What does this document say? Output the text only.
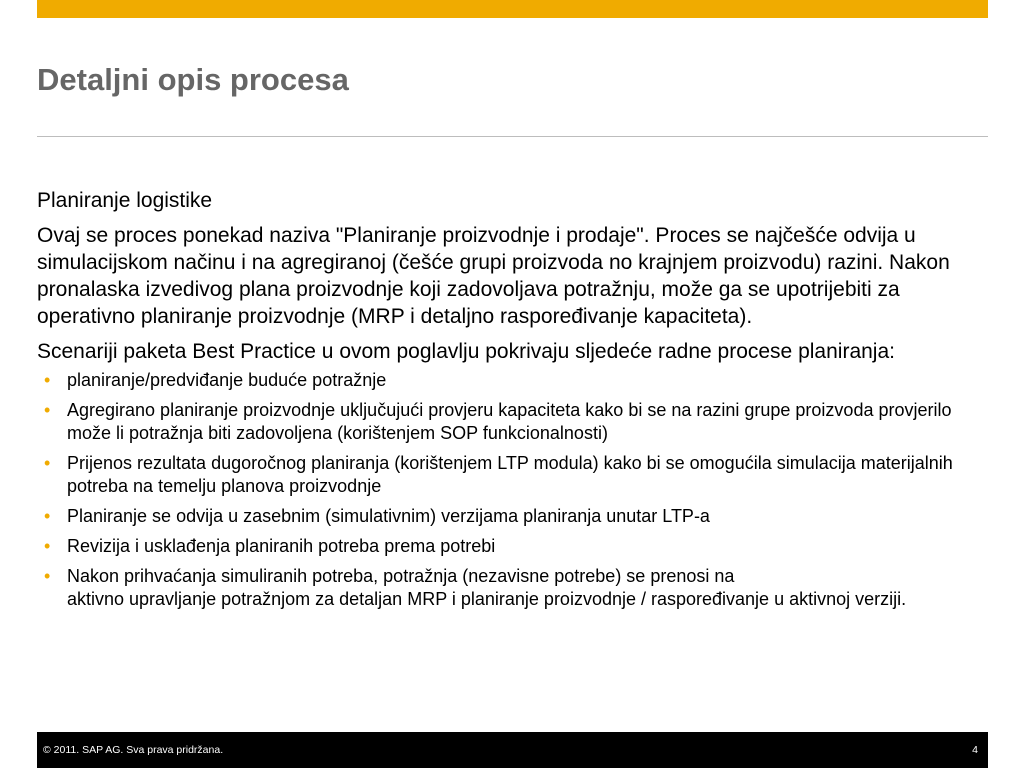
Detaljni opis procesa

Planiranje logistike

Ovaj se proces ponekad naziva "Planiranje proizvodnje i prodaje". Proces se najčešće odvija u simulacijskom načinu i na agregiranoj (češće grupi proizvoda no krajnjem proizvodu) razini. Nakon pronalaska izvedivog plana proizvodnje koji zadovoljava potražnju, može ga se upotrijebiti za operativno planiranje proizvodnje (MRP i detaljno raspoređivanje kapaciteta).

Scenariji paketa Best Practice u ovom poglavlju pokrivaju sljedeće radne procese planiranja:

• planiranje/predviđanje buduće potražnje
• Agregirano planiranje proizvodnje uključujući provjeru kapaciteta kako bi se na razini grupe proizvoda provjerilo može li potražnja biti zadovoljena (korištenjem SOP funkcionalnosti)
• Prijenos rezultata dugoročnog planiranja (korištenjem LTP modula) kako bi se omogućila simulacija materijalnih potreba na temelju planova proizvodnje
• Planiranje se odvija u zasebnim (simulativnim) verzijama planiranja unutar LTP-a
• Revizija i usklađenja planiranih potreba prema potrebi
• Nakon prihvaćanja simuliranih potreba, potražnja (nezavisne potrebe) se prenosi na
aktivno upravljanje potražnjom za detaljan MRP i planiranje proizvodnje / raspoređivanje u aktivnoj verziji.
© 2011. SAP AG. Sva prava pridržana.	4
